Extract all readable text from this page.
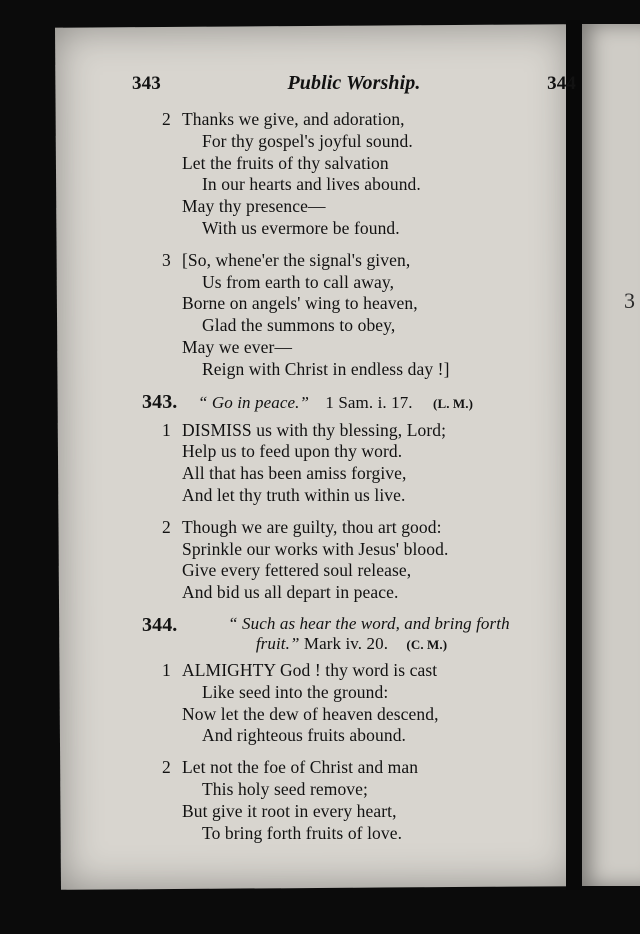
3
343	Public Worship.	344
2 Thanks we give, and adoration,
For thy gospel's joyful sound.
Let the fruits of thy salvation
In our hearts and lives abound.
May thy presence—
With us evermore be found.
3 [So, whene'er the signal's given,
Us from earth to call away,
Borne on angels' wing to heaven,
Glad the summons to obey,
May we ever—
Reign with Christ in endless day !]
343.	“ Go in peace.” 1 Sam. i. 17. (L. M.)
1 DISMISS us with thy blessing, Lord;
Help us to feed upon thy word.
All that has been amiss forgive,
And let thy truth within us live.
2 Though we are guilty, thou art good:
Sprinkle our works with Jesus' blood.
Give every fettered soul release,
And bid us all depart in peace.
344.	“ Such as hear the word, and bring forth
fruit.” Mark iv. 20. (C. M.)
1 ALMIGHTY God ! thy word is cast
Like seed into the ground:
Now let the dew of heaven descend,
And righteous fruits abound.
2 Let not the foe of Christ and man
This holy seed remove;
But give it root in every heart,
To bring forth fruits of love.
